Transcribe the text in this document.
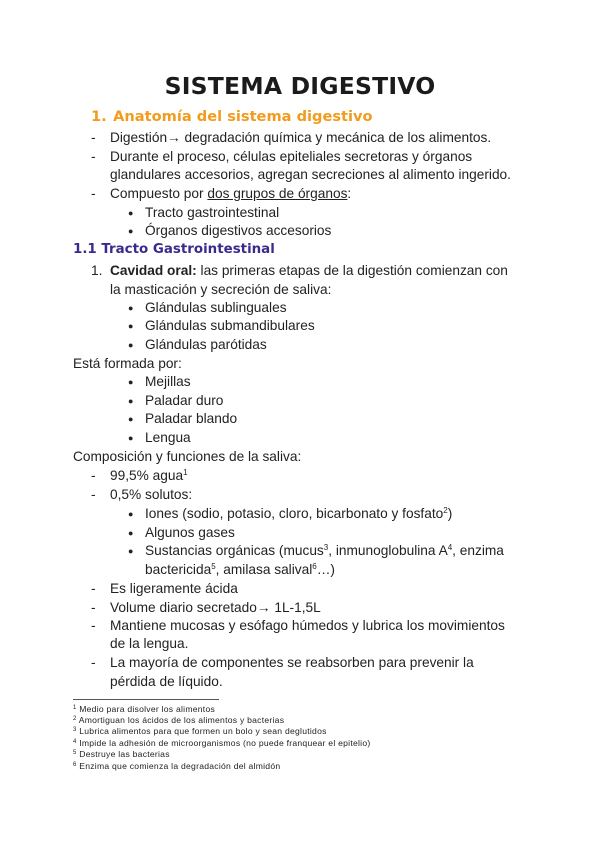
SISTEMA DIGESTIVO
1. Anatomía del sistema digestivo
- Digestión→ degradación química y mecánica de los alimentos.
- Durante el proceso, células epiteliales secretoras y órganos
glandulares accesorios, agregan secreciones al alimento ingerido.
- Compuesto por dos grupos de órganos:
● Tracto gastrointestinal
● Órganos digestivos accesorios
1.1 Tracto Gastrointestinal
1. Cavidad oral: las primeras etapas de la digestión comienzan con
la masticación y secreción de saliva:
● Glándulas sublinguales
● Glándulas submandibulares
● Glándulas parótidas
Está formada por:
● Mejillas
● Paladar duro
● Paladar blando
● Lengua
Composición y funciones de la saliva:
- 99,5% agua$^1$
- 0,5% solutos:
● Iones (sodio, potasio, cloro, bicarbonato y fosfato$^2$)
● Algunos gases
● Sustancias orgánicas (mucus$^3$, inmunoglobulina $A^4$, enzima
bactericida$^5$, amilasa salival$^6$…)
- Es ligeramente ácida
- Volume diario secretado→ 1L-1,5L
- Mantiene mucosas y esófago húmedos y lubrica los movimientos
de la lengua.
- La mayoría de componentes se reabsorben para prevenir la
pérdida de líquido.
$^1$ Medio para disolver los alimentos
$^2$ Amortiguan los ácidos de los alimentos y bacterias
$^3$ Lubrica alimentos para que formen un bolo y sean deglutidos
$^4$ Impide la adhesión de microorganismos (no puede franquear el epitelio)
$^5$ Destruye las bacterias
$^6$ Enzima que comienza la degradación del almidón
